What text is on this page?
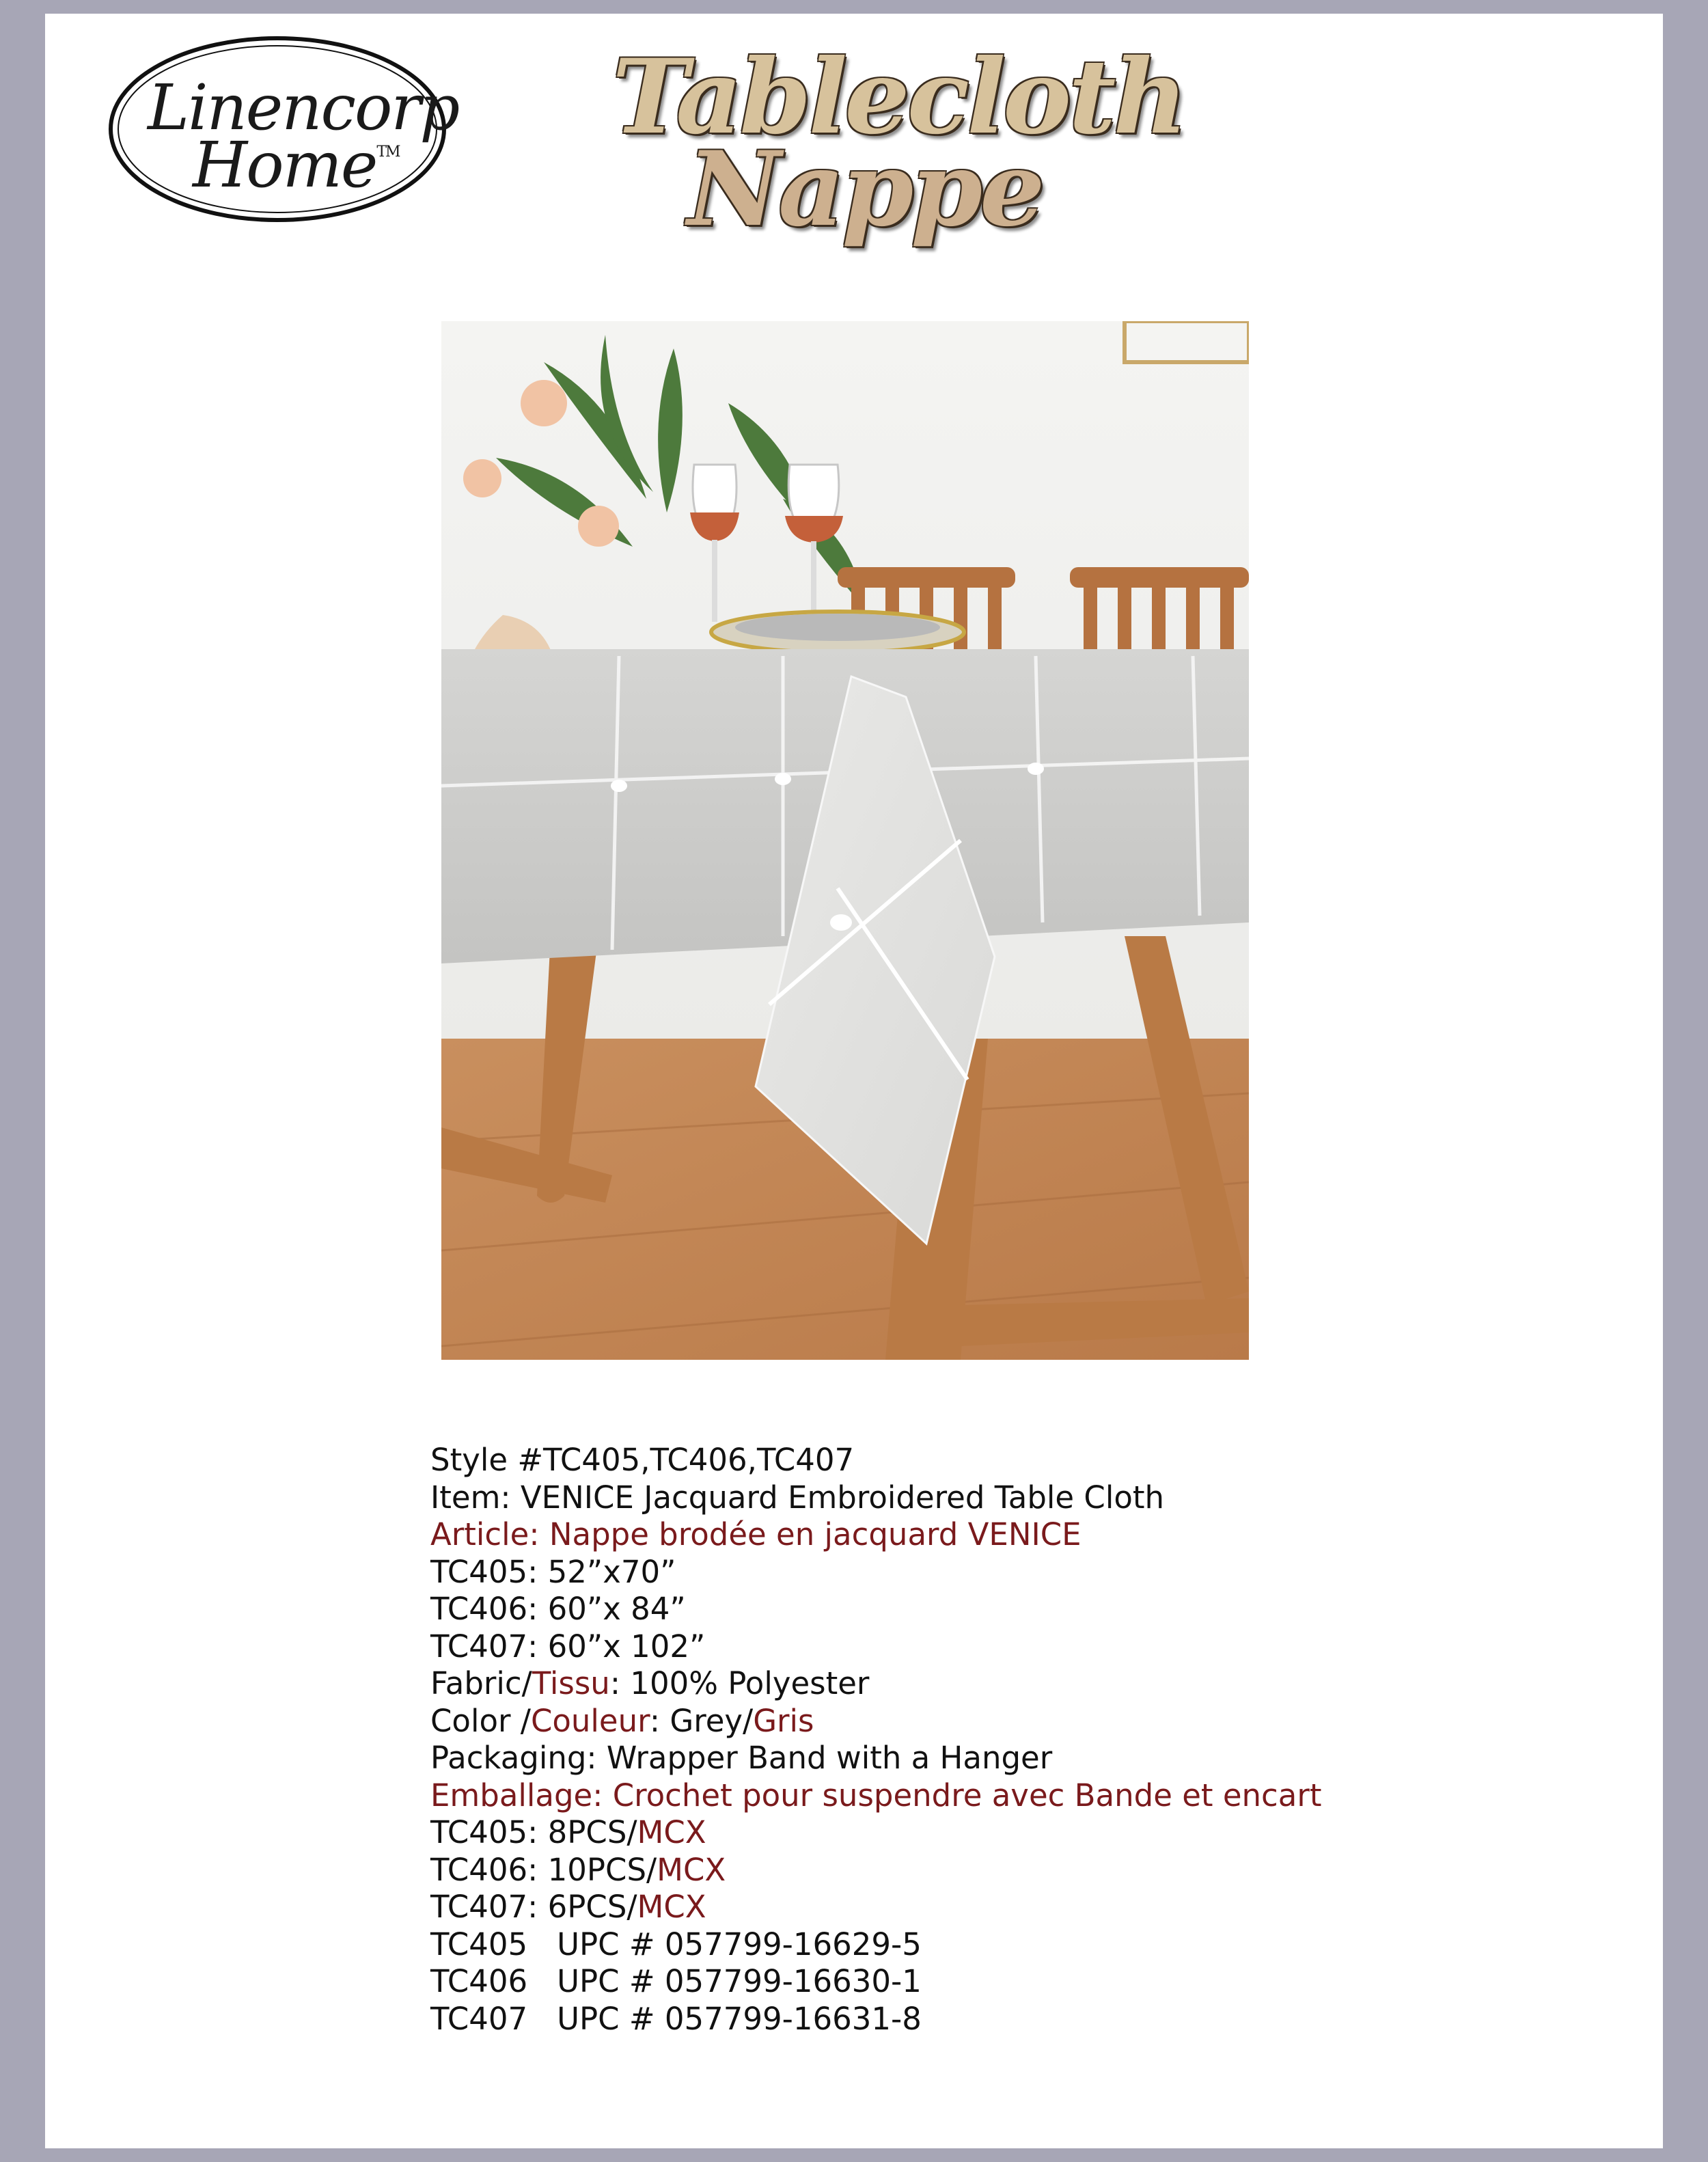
Linencorp
Home™ Tablecloth
Nappe
Style #TC405,TC406,TC407
Item: VENICE Jacquard Embroidered Table Cloth
Article: Nappe brodée en jacquard VENICE
TC405: 52”x70”
TC406: 60”x 84”
TC407: 60”x 102”
Fabric/Tissu: 100% Polyester
Color /Couleur: Grey/Gris
Packaging: Wrapper Band with a Hanger
Emballage: Crochet pour suspendre avec Bande et encart
TC405: 8PCS/MCX
TC406: 10PCS/MCX
TC407: 6PCS/MCX
TC405   UPC # 057799-16629-5
TC406   UPC # 057799-16630-1
TC407   UPC # 057799-16631-8
